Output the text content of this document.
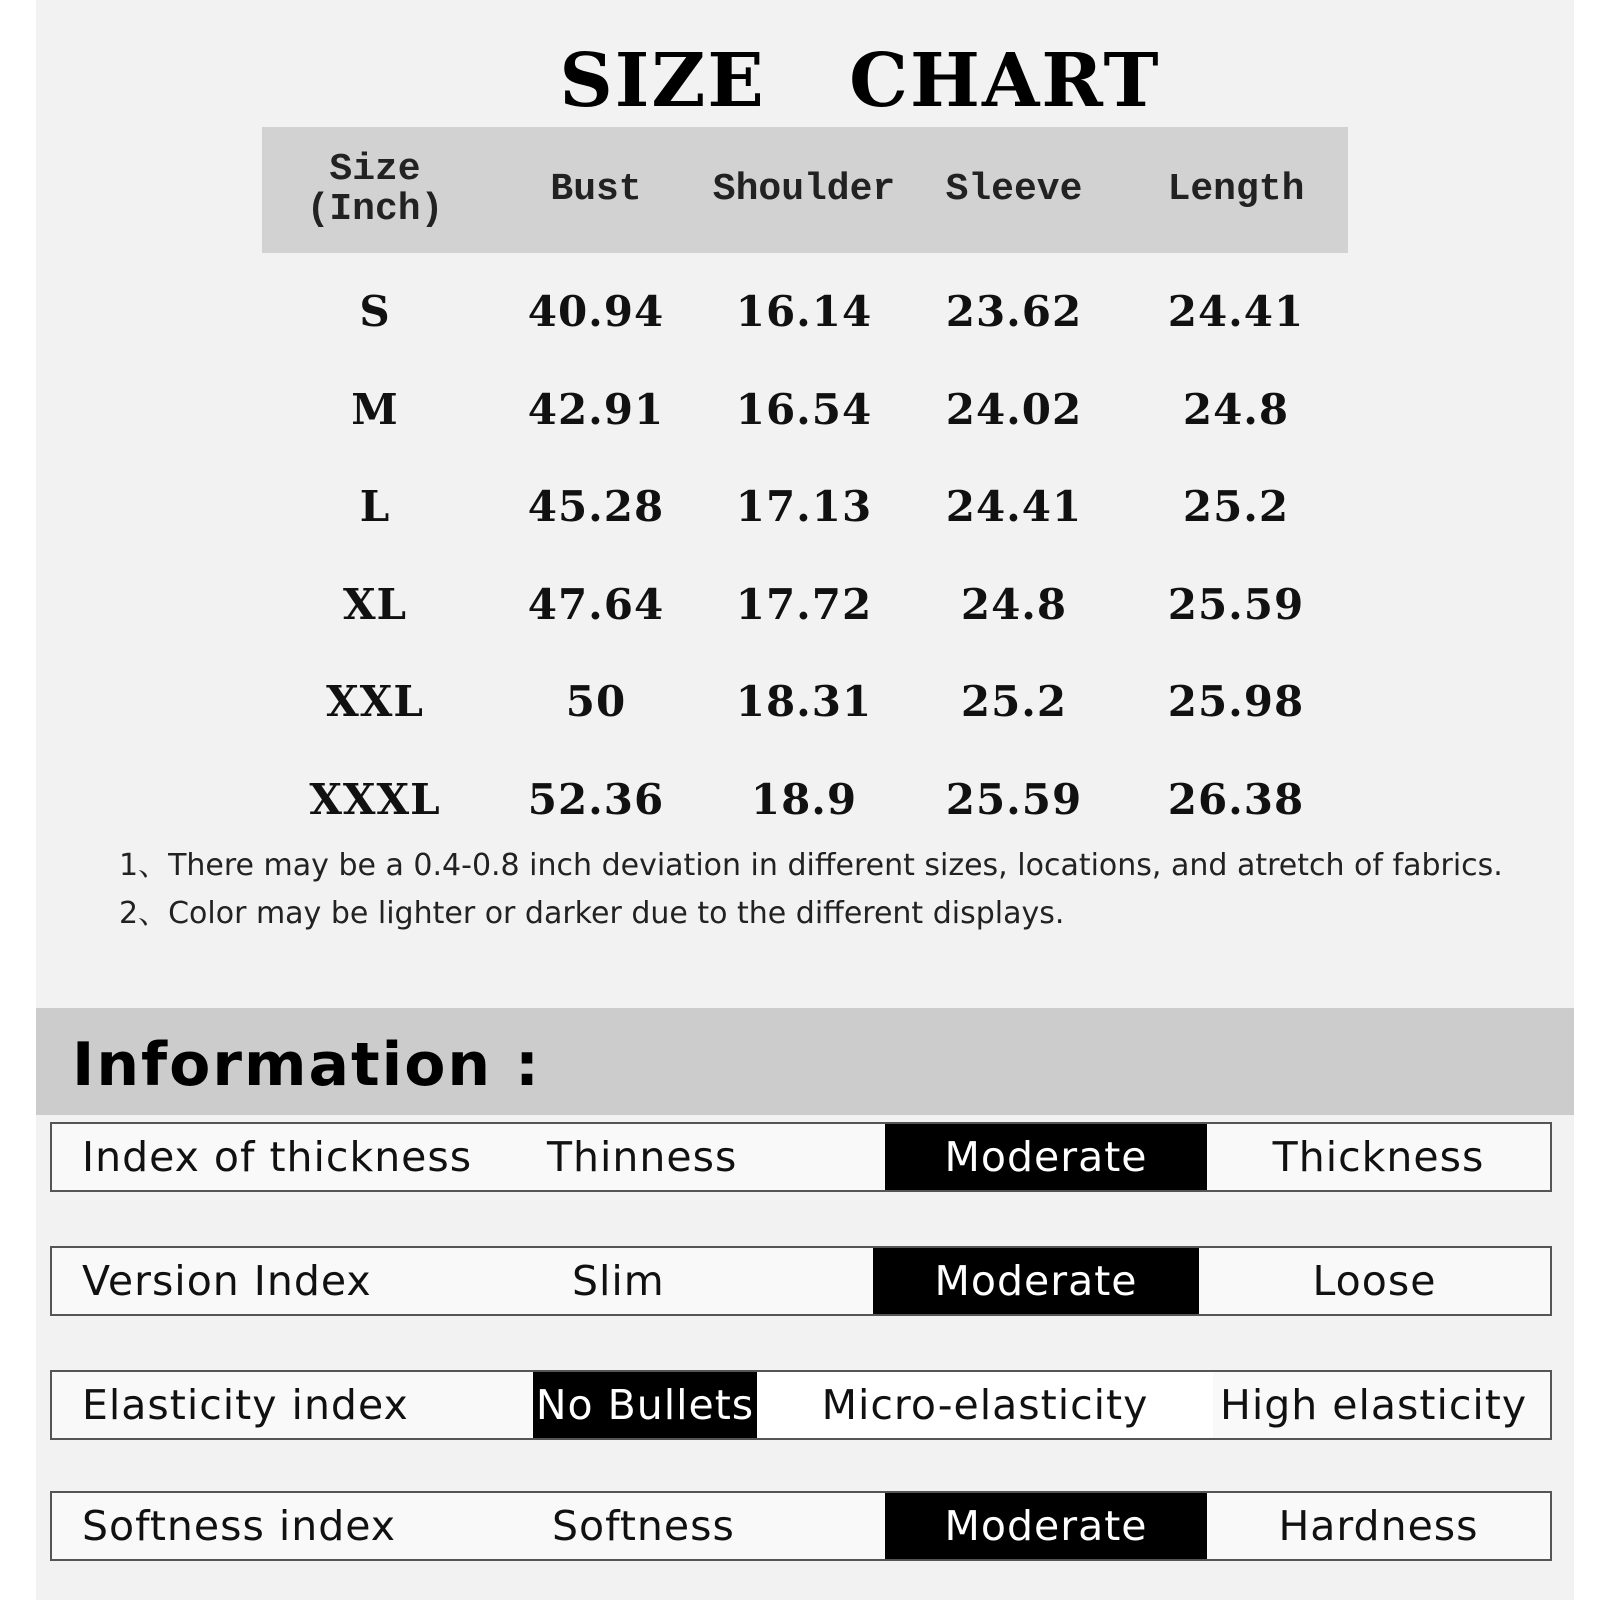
SIZE   CHART
Size
(Inch)	Bust	Shoulder	Sleeve	Length
S	40.94	16.14	23.62	24.41
M	42.91	16.54	24.02	24.8
L	45.28	17.13	24.41	25.2
XL	47.64	17.72	24.8	25.59
XXL	50	18.31	25.2	25.98
XXXL	52.36	18.9	25.59	26.38
1、There may be a 0.4-0.8 inch deviation in different sizes, locations, and atretch of fabrics.
2、Color may be lighter or darker due to the different displays.
Information :
Index of thickness Thinness	Moderate	Thickness
Version Index	Slim	Moderate	Loose
Elasticity index	No Bullets	Micro-elasticity	High elasticity
Softness index	Softness	Moderate	Hardness
